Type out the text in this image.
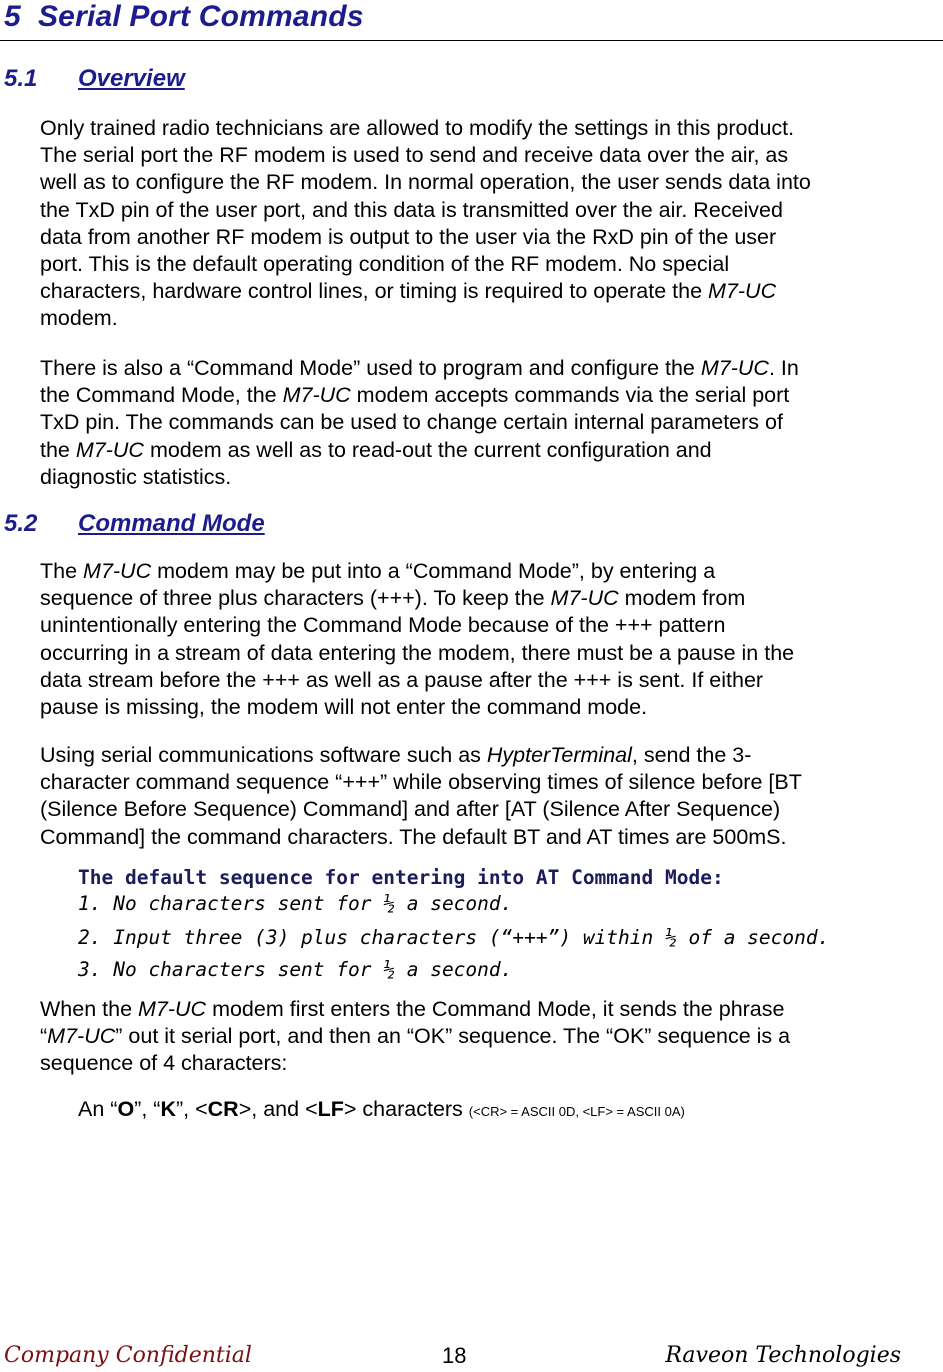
5 Serial Port Commands
5.1 Overview
Only trained radio technicians are allowed to modify the settings in this product.
The serial port the RF modem is used to send and receive data over the air, as
well as to configure the RF modem. In normal operation, the user sends data into
the TxD pin of the user port, and this data is transmitted over the air. Received
data from another RF modem is output to the user via the RxD pin of the user
port. This is the default operating condition of the RF modem. No special
characters, hardware control lines, or timing is required to operate the M7-UC
modem.
There is also a “Command Mode” used to program and configure the M7-UC. In
the Command Mode, the M7-UC modem accepts commands via the serial port
TxD pin. The commands can be used to change certain internal parameters of
the M7-UC modem as well as to read-out the current configuration and
diagnostic statistics.
5.2 Command Mode
The M7-UC modem may be put into a “Command Mode”, by entering a
sequence of three plus characters (+++). To keep the M7-UC modem from
unintentionally entering the Command Mode because of the +++ pattern
occurring in a stream of data entering the modem, there must be a pause in the
data stream before the +++ as well as a pause after the +++ is sent. If either
pause is missing, the modem will not enter the command mode.
Using serial communications software such as HypterTerminal, send the 3-
character command sequence “+++” while observing times of silence before [BT
(Silence Before Sequence) Command] and after [AT (Silence After Sequence)
Command] the command characters. The default BT and AT times are 500mS.
The default sequence for entering into AT Command Mode:
1. No characters sent for ½ a second.
2. Input three (3) plus characters (“+++”) within ½ of a second.
3. No characters sent for ½ a second.
When the M7-UC modem first enters the Command Mode, it sends the phrase
“M7-UC” out it serial port, and then an “OK” sequence. The “OK” sequence is a
sequence of 4 characters:
An “O”, “K”, <CR>, and <LF> characters (<CR> = ASCII 0D, <LF> = ASCII 0A)
Company Confidential	18	Raveon Technologies
